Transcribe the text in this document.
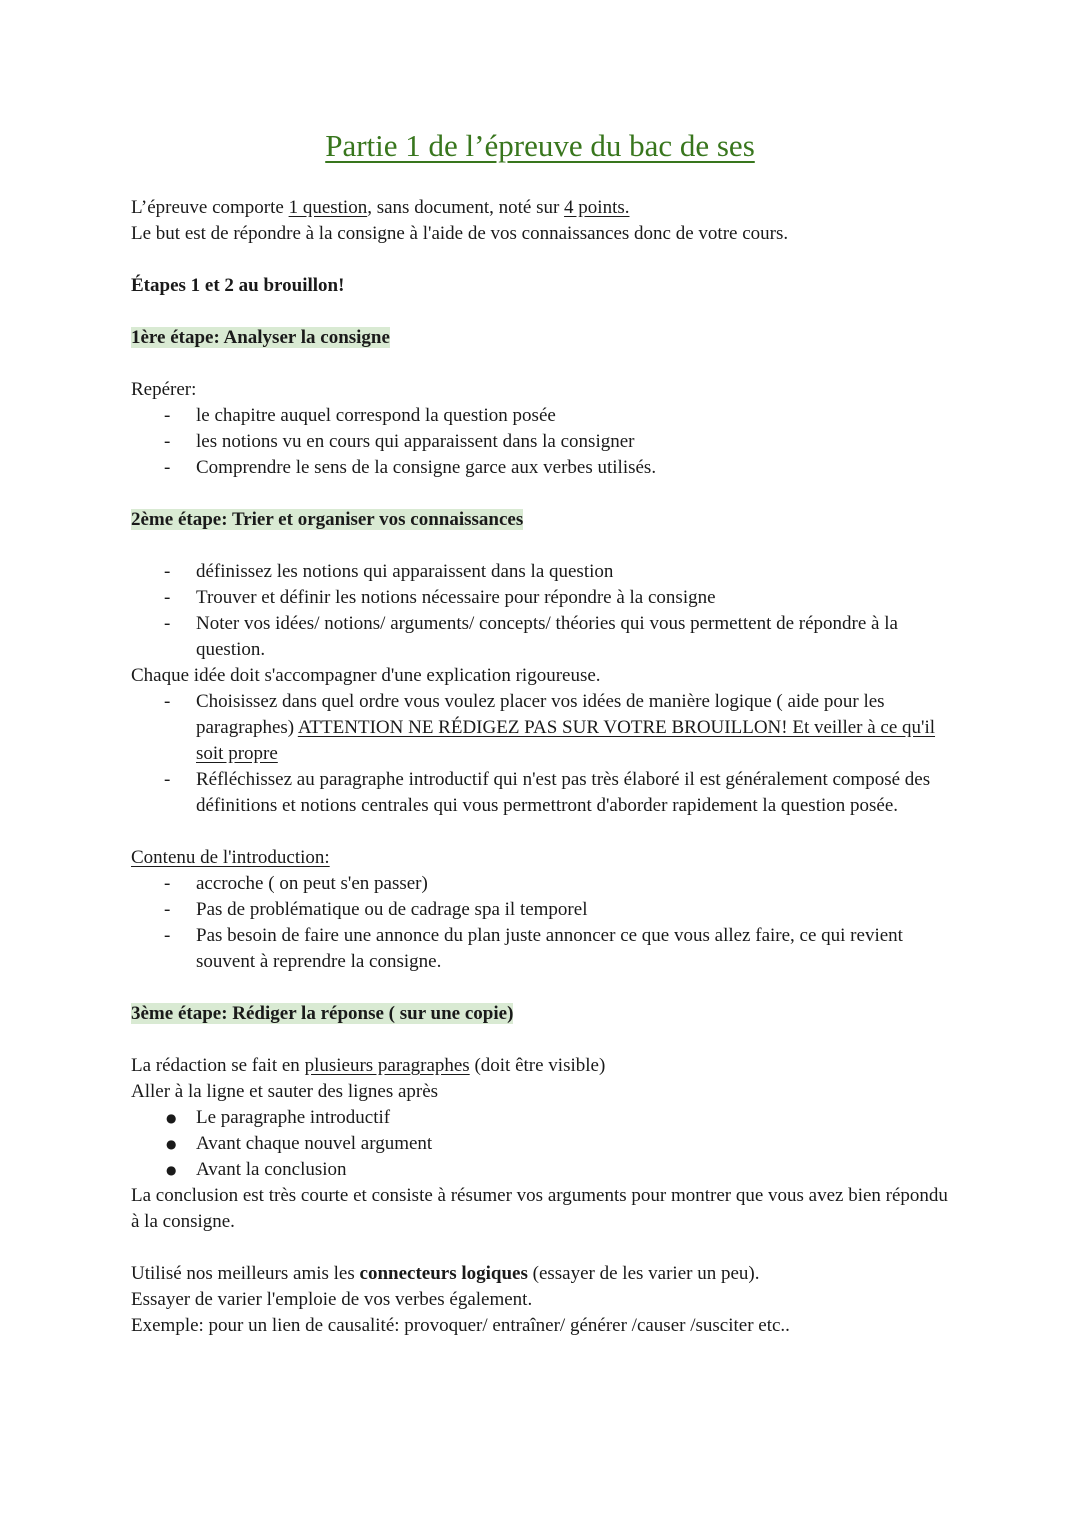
Partie 1 de l’épreuve du bac de ses

L’épreuve comporte 1 question, sans document, noté sur 4 points.

Le but est de répondre à la consigne à l'aide de vos connaissances donc de votre cours.

Étapes 1 et 2 au brouillon!

1ère étape: Analyser la consigne

Repérer:

- le chapitre auquel correspond la question posée
- les notions vu en cours qui apparaissent dans la consigner
- Comprendre le sens de la consigne garce aux verbes utilisés.

2ème étape: Trier et organiser vos connaissances

- définissez les notions qui apparaissent dans la question
- Trouver et définir les notions nécessaire pour répondre à la consigne
- Noter vos idées/ notions/ arguments/ concepts/ théories qui vous permettent de répondre à la question.

Chaque idée doit s'accompagner d'une explication rigoureuse.

- Choisissez dans quel ordre vous voulez placer vos idées de manière logique ( aide pour les paragraphes) ATTENTION NE RÉDIGEZ PAS SUR VOTRE BROUILLON! Et veiller à ce qu'il soit propre
- Réfléchissez au paragraphe introductif qui n'est pas très élaboré il est généralement composé des définitions et notions centrales qui vous permettront d'aborder rapidement la question posée.

Contenu de l'introduction:

- accroche ( on peut s'en passer)
- Pas de problématique ou de cadrage spa il temporel
- Pas besoin de faire une annonce du plan juste annoncer ce que vous allez faire, ce qui revient souvent à reprendre la consigne.

3ème étape: Rédiger la réponse ( sur une copie)

La rédaction se fait en plusieurs paragraphes (doit être visible)

Aller à la ligne et sauter des lignes après

● Le paragraphe introductif
● Avant chaque nouvel argument
● Avant la conclusion

La conclusion est très courte et consiste à résumer vos arguments pour montrer que vous avez bien répondu à la consigne.

Utilisé nos meilleurs amis les connecteurs logiques (essayer de les varier un peu).

Essayer de varier l'emploie de vos verbes également.

Exemple: pour un lien de causalité: provoquer/ entraîner/ générer /causer /susciter etc..
